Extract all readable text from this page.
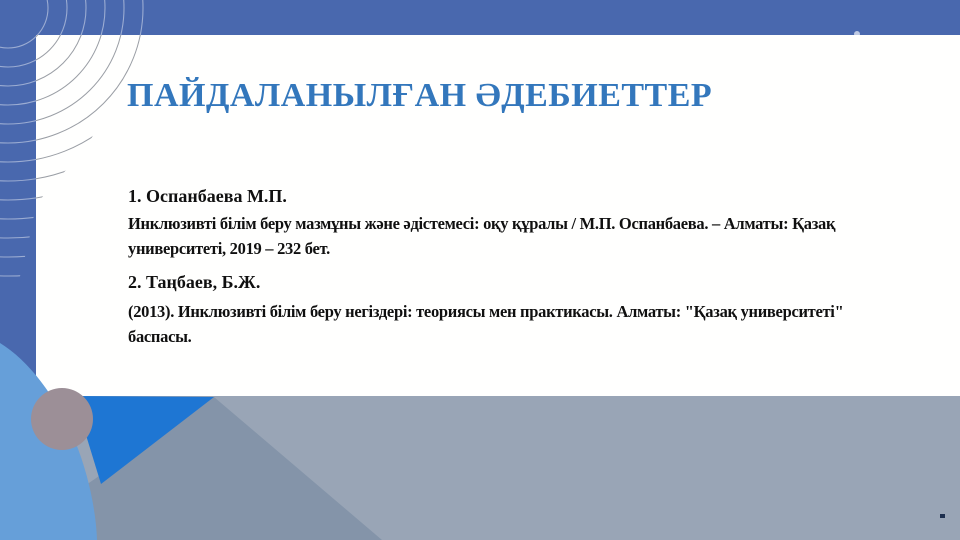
ПАЙДАЛАНЫЛҒАН ӘДЕБИЕТТЕР
1. Оспанбаева М.П.
Инклюзивті білім беру мазмұны және әдістемесі: оқу құралы / М.П. Оспанбаева. – Алматы: Қазақ университеті, 2019 – 232 бет.
2. Таңбаев, Б.Ж.
(2013). Инклюзивті білім беру негіздері: теориясы мен практикасы. Алматы: "Қазақ университеті" баспасы.
